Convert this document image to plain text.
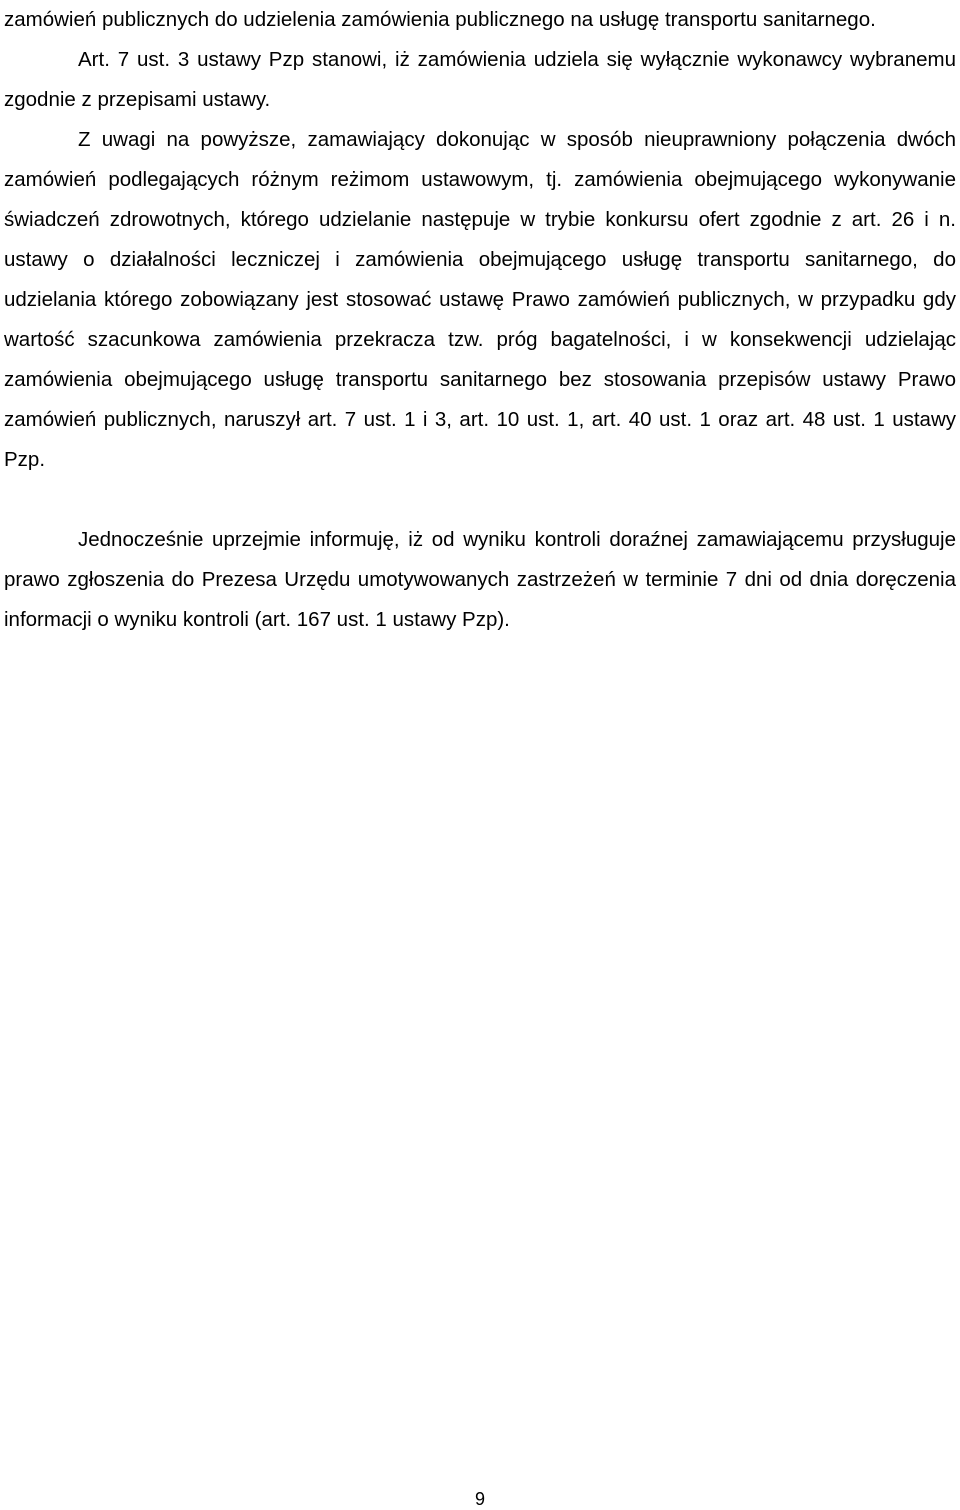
zamówień publicznych do udzielenia zamówienia publicznego na usługę transportu sanitarnego.

Art. 7 ust. 3 ustawy Pzp stanowi, iż zamówienia udziela się wyłącznie wykonawcy wybranemu zgodnie z przepisami ustawy.

Z uwagi na powyższe, zamawiający dokonując w sposób nieuprawniony połączenia dwóch zamówień podlegających różnym reżimom ustawowym, tj. zamówienia obejmującego wykonywanie świadczeń zdrowotnych, którego udzielanie następuje w trybie konkursu ofert zgodnie z art. 26 i n. ustawy o działalności leczniczej i zamówienia obejmującego usługę transportu sanitarnego, do udzielania którego zobowiązany jest stosować ustawę Prawo zamówień publicznych, w przypadku gdy wartość szacunkowa zamówienia przekracza tzw. próg bagatelności, i w konsekwencji udzielając zamówienia obejmującego usługę transportu sanitarnego bez stosowania przepisów ustawy Prawo zamówień publicznych, naruszył art. 7 ust. 1 i 3, art. 10 ust. 1, art. 40 ust. 1 oraz art. 48 ust. 1 ustawy Pzp.

Jednocześnie uprzejmie informuję, iż od wyniku kontroli doraźnej zamawiającemu przysługuje prawo zgłoszenia do Prezesa Urzędu umotywowanych zastrzeżeń w terminie 7 dni od dnia doręczenia informacji o wyniku kontroli (art. 167 ust. 1 ustawy Pzp).

9
